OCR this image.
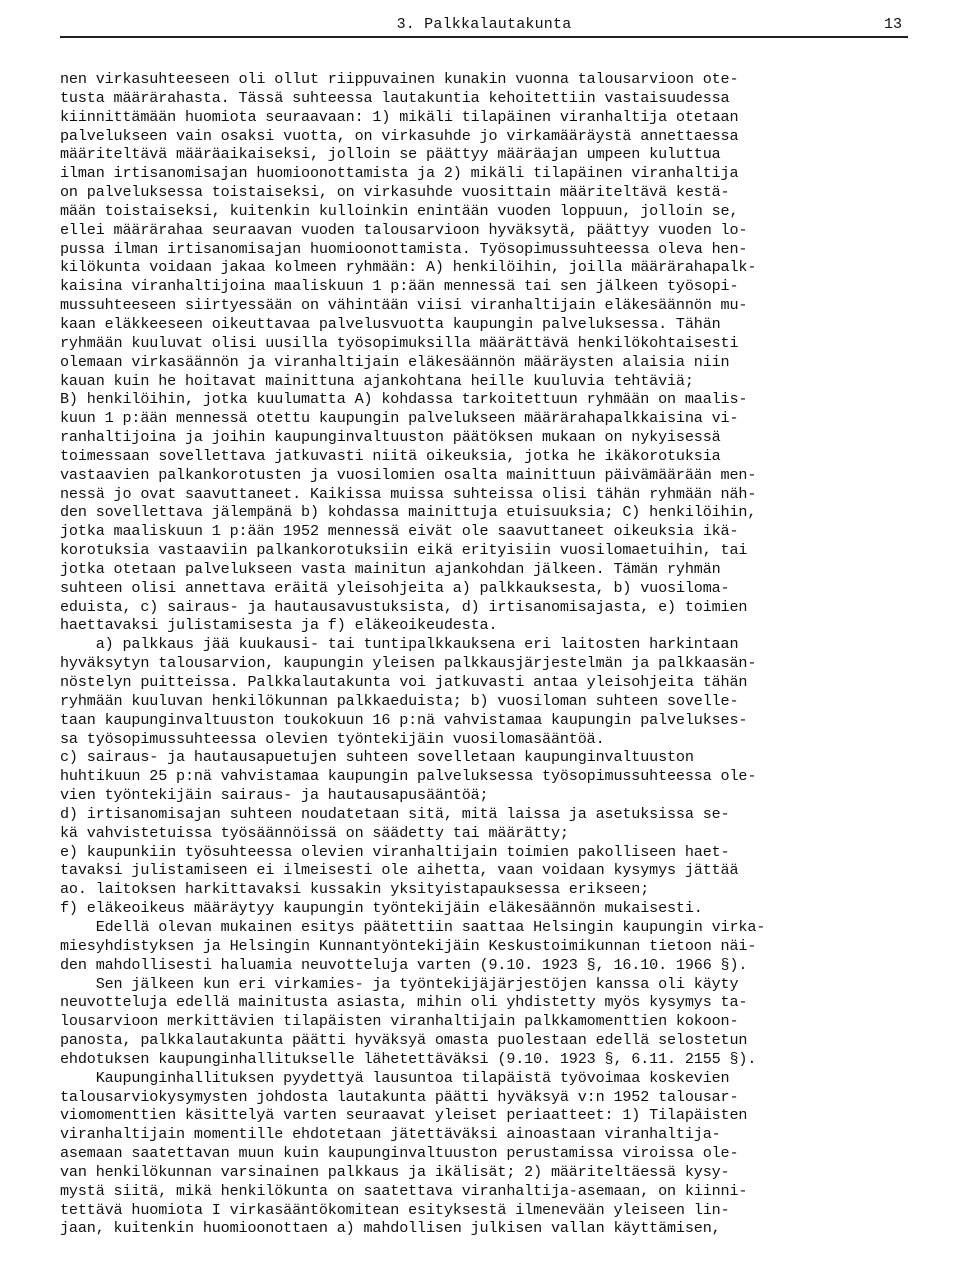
3. Palkkalautakunta	13
nen virkasuhteeseen oli ollut riippuvainen kunakin vuonna talousarvioon ote-
tusta määrärahasta. Tässä suhteessa lautakuntia kehoitettiin vastaisuudessa
kiinnittämään huomiota seuraavaan: 1) mikäli tilapäinen viranhaltija otetaan
palvelukseen vain osaksi vuotta, on virkasuhde jo virkamääräystä annettaessa
määriteltävä määräaikaiseksi, jolloin se päättyy määräajan umpeen kuluttua
ilman irtisanomisajan huomioonottamista ja 2) mikäli tilapäinen viranhaltija
on palveluksessa toistaiseksi, on virkasuhde vuosittain määriteltävä kestä-
mään toistaiseksi, kuitenkin kulloinkin enintään vuoden loppuun, jolloin se,
ellei määrärahaa seuraavan vuoden talousarvioon hyväksytä, päättyy vuoden lo-
pussa ilman irtisanomisajan huomioonottamista. Työsopimussuhteessa oleva hen-
kilökunta voidaan jakaa kolmeen ryhmään: A) henkilöihin, joilla määrärahapalk-
kaisina viranhaltijoina maaliskuun 1 p:ään mennessä tai sen jälkeen työsopi-
mussuhteeseen siirtyessään on vähintään viisi viranhaltijain eläkesäännön mu-
kaan eläkkeeseen oikeuttavaa palvelusvuotta kaupungin palveluksessa. Tähän
ryhmään kuuluvat olisi uusilla työsopimuksilla määrättävä henkilökohtaisesti
olemaan virkasäännön ja viranhaltijain eläkesäännön määräysten alaisia niin
kauan kuin he hoitavat mainittuna ajankohtana heille kuuluvia tehtäviä;
B) henkilöihin, jotka kuulumatta A) kohdassa tarkoitettuun ryhmään on maalis-
kuun 1 p:ään mennessä otettu kaupungin palvelukseen määrärahapalkkaisina vi-
ranhaltijoina ja joihin kaupunginvaltuuston päätöksen mukaan on nykyisessä
toimessaan sovellettava jatkuvasti niitä oikeuksia, jotka he ikäkorotuksia
vastaavien palkankorotusten ja vuosilomien osalta mainittuun päivämäärään men-
nessä jo ovat saavuttaneet. Kaikissa muissa suhteissa olisi tähän ryhmään näh-
den sovellettava jälempänä b) kohdassa mainittuja etuisuuksia; C) henkilöihin,
jotka maaliskuun 1 p:ään 1952 mennessä eivät ole saavuttaneet oikeuksia ikä-
korotuksia vastaaviin palkankorotuksiin eikä erityisiin vuosilomaetuihin, tai
jotka otetaan palvelukseen vasta mainitun ajankohdan jälkeen. Tämän ryhmän
suhteen olisi annettava eräitä yleisohjeita a) palkkauksesta, b) vuosiloma-
eduista, c) sairaus- ja hautausavustuksista, d) irtisanomisajasta, e) toimien
haettavaksi julistamisesta ja f) eläkeoikeudesta.
a) palkkaus jää kuukausi- tai tuntipalkkauksena eri laitosten harkintaan
hyväksytyn talousarvion, kaupungin yleisen palkkausjärjestelmän ja palkkaasän-
nöstelyn puitteissa. Palkkalautakunta voi jatkuvasti antaa yleisohjeita tähän
ryhmään kuuluvan henkilökunnan palkkaeduista; b) vuosiloman suhteen sovelle-
taan kaupunginvaltuuston toukokuun 16 p:nä vahvistamaa kaupungin palvelukses-
sa työsopimussuhteessa olevien työntekijäin vuosilomasääntöä.
c) sairaus- ja hautausapuetujen suhteen sovelletaan kaupunginvaltuuston
huhtikuun 25 p:nä vahvistamaa kaupungin palveluksessa työsopimussuhteessa ole-
vien työntekijäin sairaus- ja hautausapusääntöä;
d) irtisanomisajan suhteen noudatetaan sitä, mitä laissa ja asetuksissa se-
kä vahvistetuissa työsäännöissä on säädetty tai määrätty;
e) kaupunkiin työsuhteessa olevien viranhaltijain toimien pakolliseen haet-
tavaksi julistamiseen ei ilmeisesti ole aihetta, vaan voidaan kysymys jättää
ao. laitoksen harkittavaksi kussakin yksityistapauksessa erikseen;
f) eläkeoikeus määräytyy kaupungin työntekijäin eläkesäännön mukaisesti.
Edellä olevan mukainen esitys päätettiin saattaa Helsingin kaupungin virka-
miesyhdistyksen ja Helsingin Kunnantyöntekijäin Keskustoimikunnan tietoon näi-
den mahdollisesti haluamia neuvotteluja varten (9.10. 1923 §, 16.10. 1966 §).
Sen jälkeen kun eri virkamies- ja työntekijäjärjestöjen kanssa oli käyty
neuvotteluja edellä mainitusta asiasta, mihin oli yhdistetty myös kysymys ta-
lousarvioon merkittävien tilapäisten viranhaltijain palkkamomenttien kokoon-
panosta, palkkalautakunta päätti hyväksyä omasta puolestaan edellä selostetun
ehdotuksen kaupunginhallitukselle lähetettäväksi (9.10. 1923 §, 6.11. 2155 §).
Kaupunginhallituksen pyydettyä lausuntoa tilapäistä työvoimaa koskevien
talousarviokysymysten johdosta lautakunta päätti hyväksyä v:n 1952 talousar-
viomomenttien käsittelyä varten seuraavat yleiset periaatteet: 1) Tilapäisten
viranhaltijain momentille ehdotetaan jätettäväksi ainoastaan viranhaltija-
asemaan saatettavan muun kuin kaupunginvaltuuston perustamissa viroissa ole-
van henkilökunnan varsinainen palkkaus ja ikälisät; 2) määriteltäessä kysy-
mystä siitä, mikä henkilökunta on saatettava viranhaltija-asemaan, on kiinni-
tettävä huomiota I virkasääntökomitean esityksestä ilmenevään yleiseen lin-
jaan, kuitenkin huomioonottaen a) mahdollisen julkisen vallan käyttämisen,
